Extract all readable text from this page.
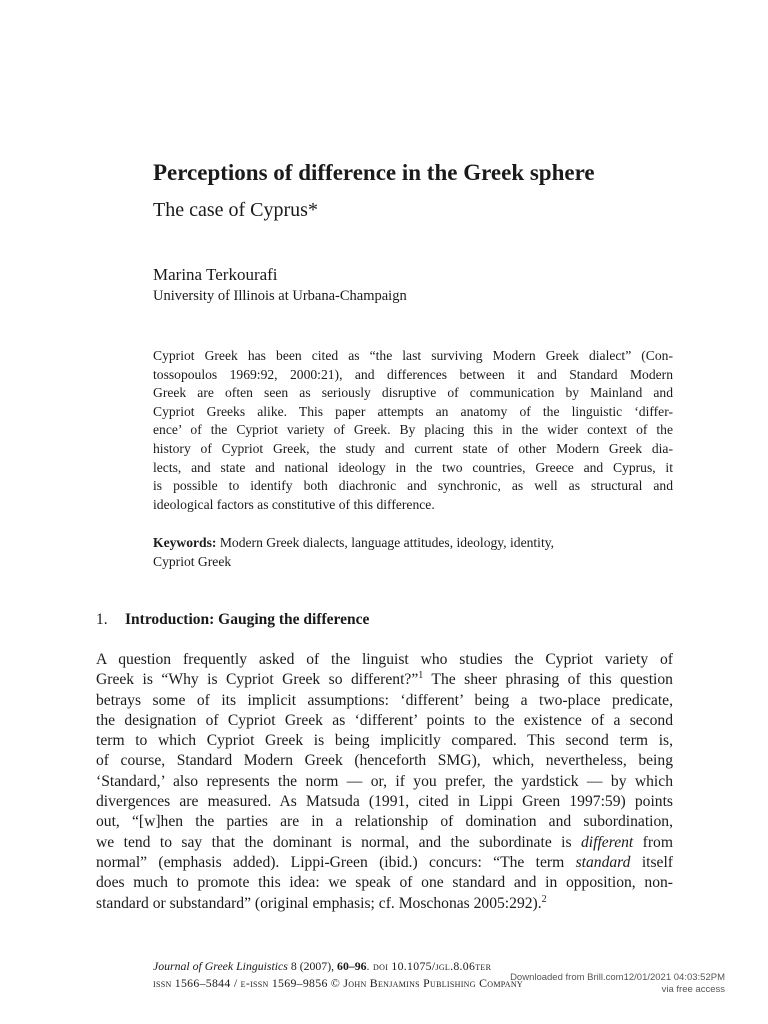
Perceptions of difference in the Greek sphere
The case of Cyprus*
Marina Terkourafi
University of Illinois at Urbana-Champaign
Cypriot Greek has been cited as “the last surviving Modern Greek dialect” (Con-
tossopoulos 1969:92, 2000:21), and differences between it and Standard Modern
Greek are often seen as seriously disruptive of communication by Mainland and
Cypriot Greeks alike. This paper attempts an anatomy of the linguistic ‘differ-
ence’ of the Cypriot variety of Greek. By placing this in the wider context of the
history of Cypriot Greek, the study and current state of other Modern Greek dia-
lects, and state and national ideology in the two countries, Greece and Cyprus, it
is possible to identify both diachronic and synchronic, as well as structural and
ideological factors as constitutive of this difference.
Keywords: Modern Greek dialects, language attitudes, ideology, identity,
Cypriot Greek
1. Introduction: Gauging the difference
A question frequently asked of the linguist who studies the Cypriot variety of
Greek is “Why is Cypriot Greek so different?”$^1$ The sheer phrasing of this question
betrays some of its implicit assumptions: ‘different’ being a two-place predicate,
the designation of Cypriot Greek as ‘different’ points to the existence of a second
term to which Cypriot Greek is being implicitly compared. This second term is,
of course, Standard Modern Greek (henceforth SMG), which, nevertheless, being
‘Standard,’ also represents the norm — or, if you prefer, the yardstick — by which
divergences are measured. As Matsuda (1991, cited in Lippi Green 1997:59) points
out, “[w]hen the parties are in a relationship of domination and subordination,
we tend to say that the dominant is normal, and the subordinate is different from
normal” (emphasis added). Lippi-Green (ibid.) concurs: “The term standard itself
does much to promote this idea: we speak of one standard and in opposition, non-
standard or substandard” (original emphasis; cf. Moschonas 2005:292).$^2$
Journal of Greek Linguistics 8 (2007), 60–96. doi 10.1075/jgl.8.06ter
issn 1566–5844 / e-issn 1569–9856 © John Benjamins Publishing Company
Downloaded from Brill.com12/01/2021 04:03:52PM
via free access
